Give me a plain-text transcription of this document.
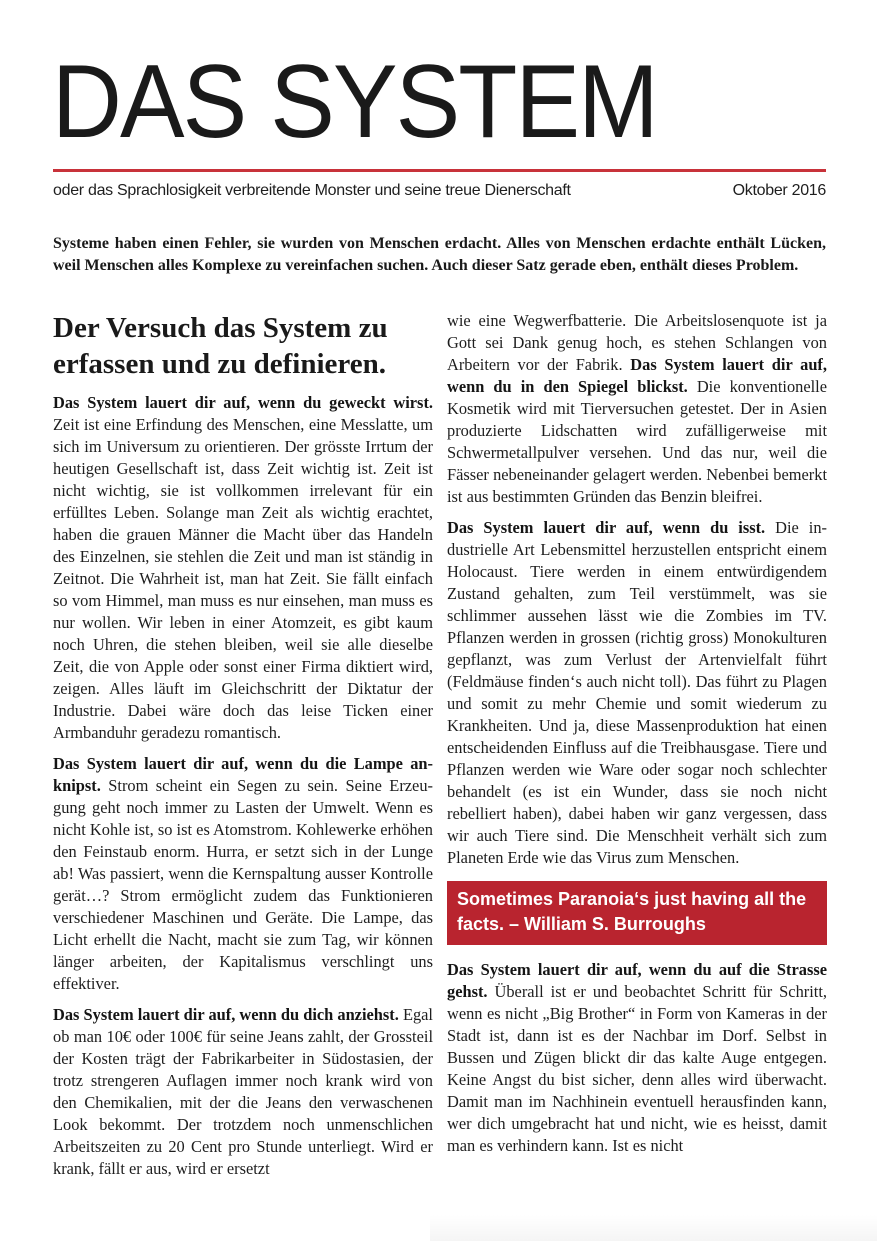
DAS SYSTEM
oder das Sprachlosigkeit verbreitende Monster und seine treue Dienerschaft	Oktober 2016
Systeme haben einen Fehler, sie wurden von Menschen erdacht. Alles von Menschen erdachte enthält Lücken, weil Menschen alles Komplexe zu vereinfachen suchen. Auch dieser Satz gerade eben, enthält dieses Problem.
Der Versuch das System zu erfassen und zu definieren.

Das System lauert dir auf, wenn du geweckt wirst. Zeit ist eine Erfindung des Menschen, eine Messlatte, um sich im Universum zu orientieren. Der grösste Irrtum der heutigen Gesellschaft ist, dass Zeit wichtig ist. Zeit ist nicht wichtig, sie ist vollkommen irrelevant für ein erfülltes Leben. Solange man Zeit als wichtig erachtet, haben die grauen Männer die Macht über das Handeln des Einzelnen, sie stehlen die Zeit und man ist ständig in Zeitnot. Die Wahrheit ist, man hat Zeit. Sie fällt einfach so vom Himmel, man muss es nur einsehen, man muss es nur wollen. Wir leben in einer Atomzeit, es gibt kaum noch Uhren, die stehen bleiben, weil sie alle dieselbe Zeit, die von Apple oder sonst einer Firma diktiert wird, zeigen. Alles läuft im Gleichschritt der Diktatur der Industrie. Dabei wäre doch das leise Ticken einer Armbanduhr geradezu romantisch.

Das System lauert dir auf, wenn du die Lampe anknipst. Strom scheint ein Segen zu sein. Seine Erzeugung geht noch immer zu Lasten der Umwelt. Wenn es nicht Kohle ist, so ist es Atomstrom. Kohlewerke erhöhen den Feinstaub enorm. Hurra, er setzt sich in der Lunge ab! Was passiert, wenn die Kernspaltung ausser Kontrolle gerät…? Strom ermöglicht zudem das Funktionieren verschiedener Maschinen und Geräte. Die Lampe, das Licht erhellt die Nacht, macht sie zum Tag, wir können länger arbeiten, der Kapitalismus verschlingt uns effektiver.

Das System lauert dir auf, wenn du dich anziehst. Egal ob man 10€ oder 100€ für seine Jeans zahlt, der Grossteil der Kosten trägt der Fabrikarbeiter in Südostasien, der trotz strengeren Auflagen immer noch krank wird von den Chemikalien, mit der die Jeans den verwaschenen Look bekommt. Der trotzdem noch unmenschlichen Arbeitszeiten zu 20 Cent pro Stunde unterliegt. Wird er krank, fällt er aus, wird er ersetzt

wie eine Wegwerfbatterie. Die Arbeitslosenquote ist ja Gott sei Dank genug hoch, es stehen Schlangen von Arbeitern vor der Fabrik. Das System lauert dir auf, wenn du in den Spiegel blickst. Die konventionelle Kosmetik wird mit Tierversuchen getestet. Der in Asien produzierte Lidschatten wird zufälligerweise mit Schwermetallpulver versehen. Und das nur, weil die Fässer nebeneinander gelagert werden. Nebenbei bemerkt ist aus bestimmten Gründen das Benzin bleifrei.

Das System lauert dir auf, wenn du isst. Die industrielle Art Lebensmittel herzustellen entspricht einem Holocaust. Tiere werden in einem entwürdigendem Zustand gehalten, zum Teil verstümmelt, was sie schlimmer aussehen lässt wie die Zombies im TV. Pflanzen werden in grossen (richtig gross) Monokulturen gepflanzt, was zum Verlust der Artenvielfalt führt (Feldmäuse finden‘s auch nicht toll). Das führt zu Plagen und somit zu mehr Chemie und somit wiederum zu Krankheiten. Und ja, diese Massenproduktion hat einen entscheidenden Einfluss auf die Treibhausgase. Tiere und Pflanzen werden wie Ware oder sogar noch schlechter behandelt (es ist ein Wunder, dass sie noch nicht rebelliert haben), dabei haben wir ganz vergessen, dass wir auch Tiere sind. Die Menschheit verhält sich zum Planeten Erde wie das Virus zum Menschen.

Sometimes Paranoia‘s just having all the facts. – William S. Burroughs

Das System lauert dir auf, wenn du auf die Strasse gehst. Überall ist er und beobachtet Schritt für Schritt, wenn es nicht „Big Brother“ in Form von Kameras in der Stadt ist, dann ist es der Nachbar im Dorf. Selbst in Bussen und Zügen blickt dir das kalte Auge entgegen. Keine Angst du bist sicher, denn alles wird überwacht. Damit man im Nachhinein eventuell herausfinden kann, wer dich umgebracht hat und nicht, wie es heisst, damit man es verhindern kann. Ist es nicht
